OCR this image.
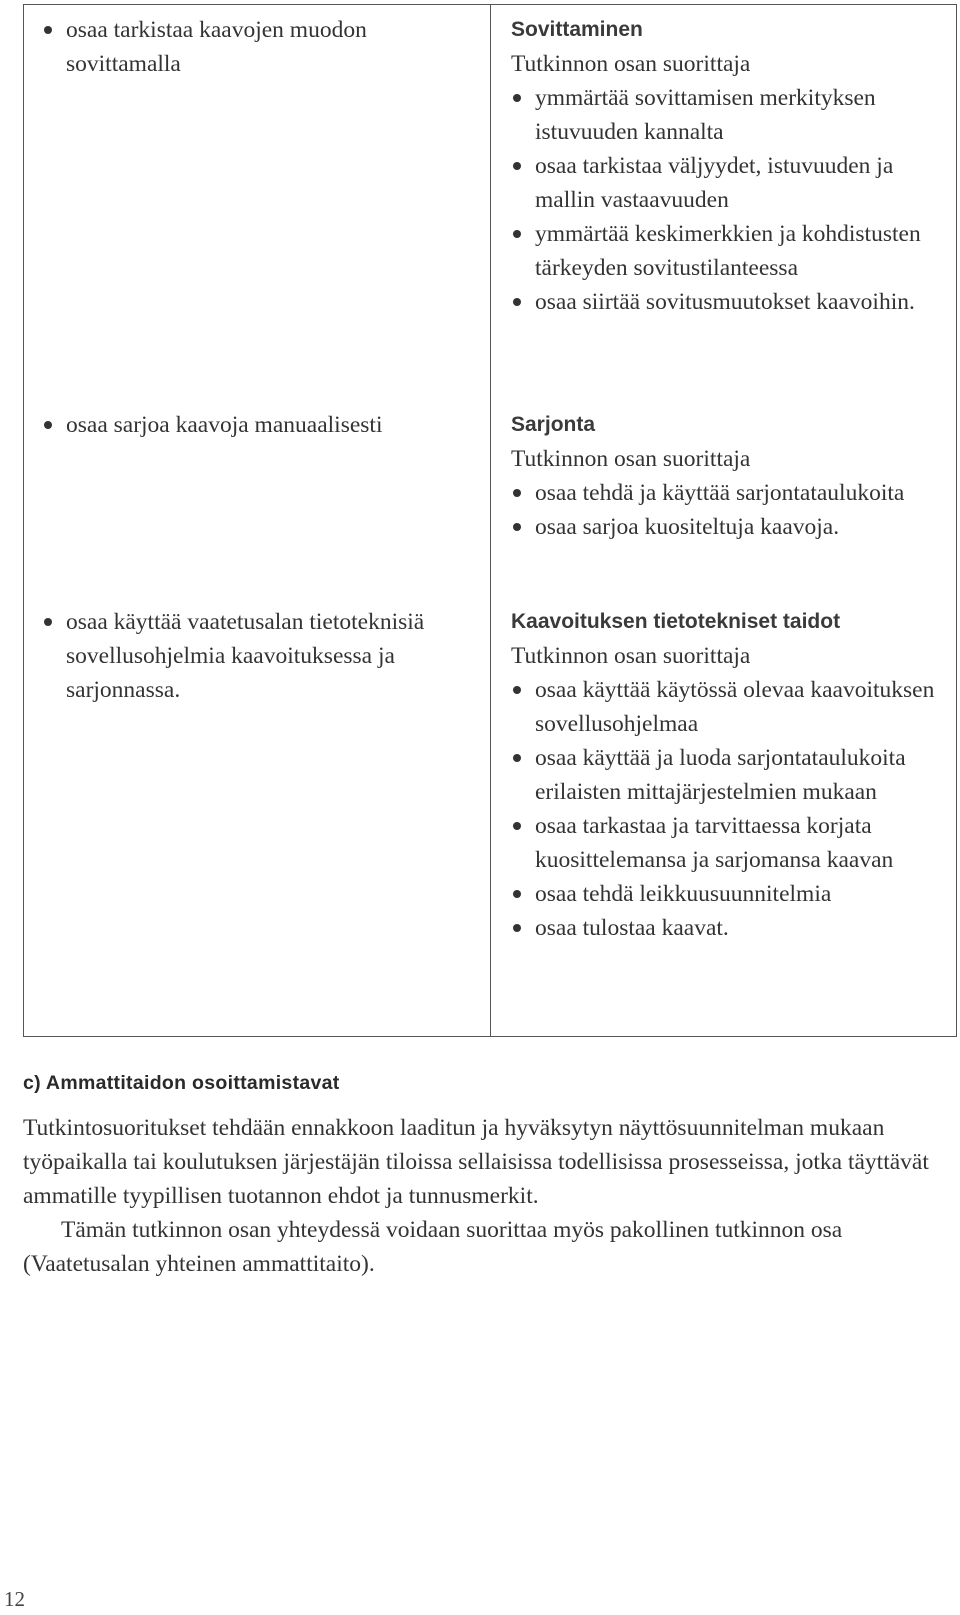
osaa tarkistaa kaavojen muodon sovittamalla
osaa sarjoa kaavoja manuaalisesti
osaa käyttää vaatetusalan tietoteknisiä sovellusohjelmia kaavoituksessa ja sarjonnassa.
Sovittaminen
Tutkinnon osan suorittaja
ymmärtää sovittamisen merkityksen istuvuuden kannalta
osaa tarkistaa väljyydet, istuvuuden ja mallin vastaavuuden
ymmärtää keskimerkkien ja kohdistusten tärkeyden sovitustilanteessa
osaa siirtää sovitusmuutokset kaavoihin.
Sarjonta
Tutkinnon osan suorittaja
osaa tehdä ja käyttää sarjontataulukoita
osaa sarjoa kuositeltuja kaavoja.
Kaavoituksen tietotekniset taidot
Tutkinnon osan suorittaja
osaa käyttää käytössä olevaa kaavoituksen sovellusohjelmaa
osaa käyttää ja luoda sarjontataulukoita erilaisten mittajärjestelmien mukaan
osaa tarkastaa ja tarvittaessa korjata kuosittelemansa ja sarjomansa kaavan
osaa tehdä leikkuusuunnitelmia
osaa tulostaa kaavat.
c) Ammattitaidon osoittamistavat

Tutkintosuoritukset tehdään ennakkoon laaditun ja hyväksytyn näyttösuunnitelman mukaan työpaikalla tai koulutuksen järjestäjän tiloissa sellaisissa todellisissa prosesseissa, jotka täyttävät ammatille tyypillisen tuotannon ehdot ja tunnusmerkit.

Tämän tutkinnon osan yhteydessä voidaan suorittaa myös pakollinen tutkinnon osa (Vaatetusalan yhteinen ammattitaito).

12
